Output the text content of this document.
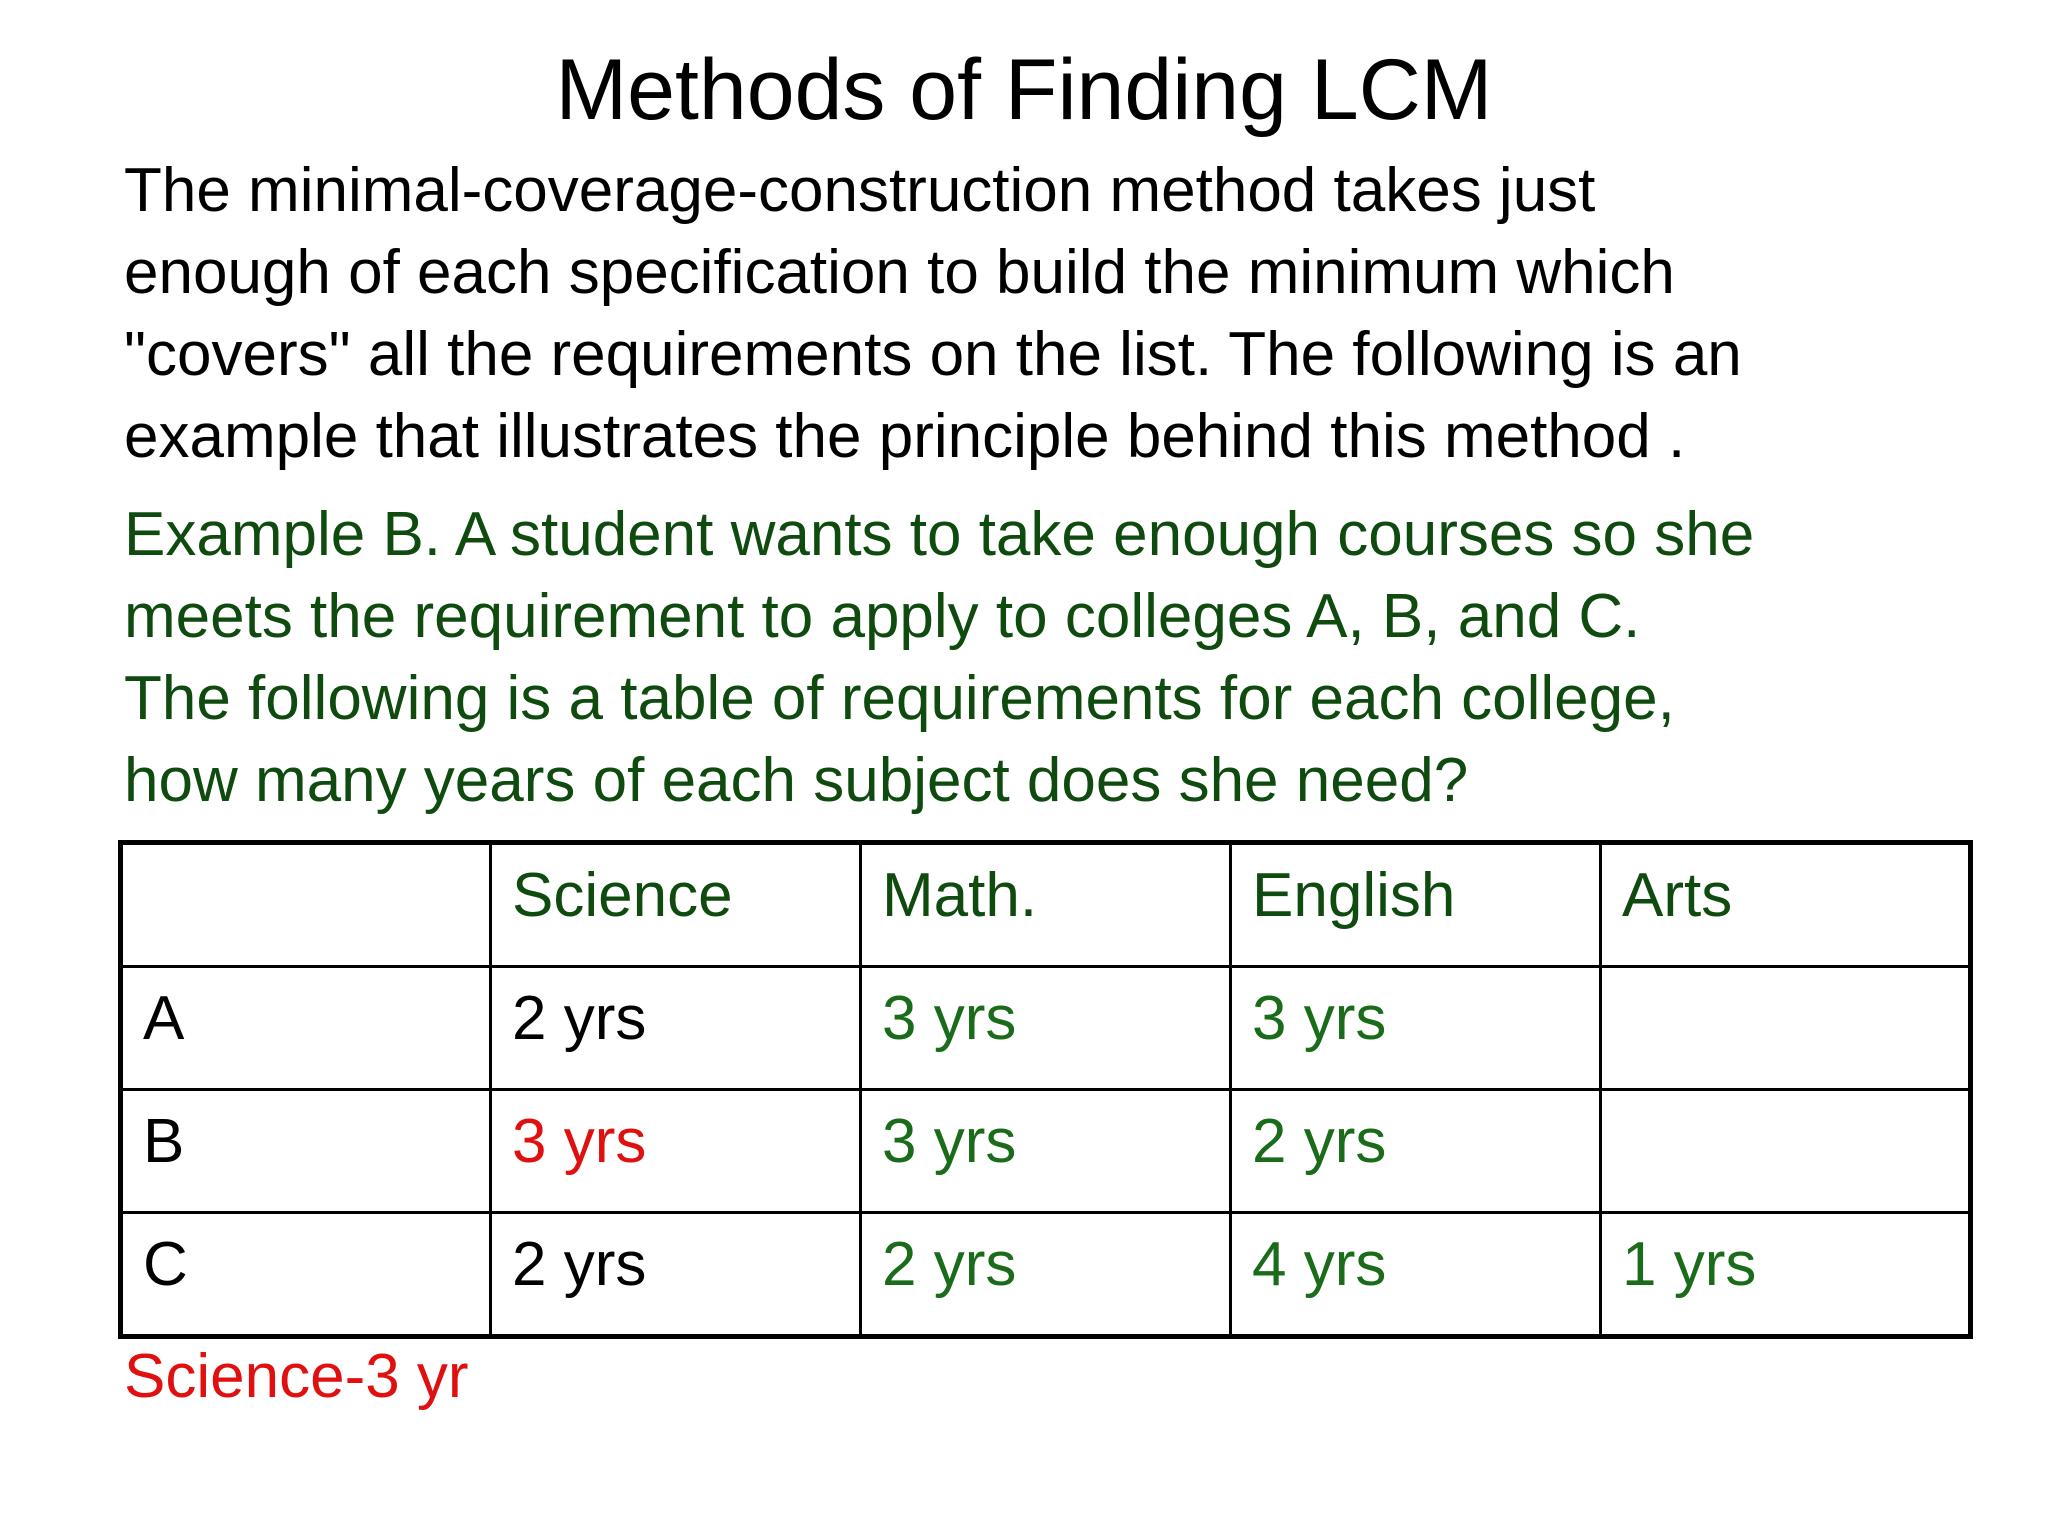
Methods of Finding LCM
The minimal-coverage-construction method takes just
enough of each specification to build the minimum which
"covers" all the requirements on the list. The following is an
example that illustrates the principle behind this method .
Example B. A student wants to take enough courses so she
meets the requirement to apply to colleges A, B, and C.
The following is a table of requirements for each college,
how many years of each subject does she need?
	Science	Math.	English	Arts
A	2 yrs	3 yrs	3 yrs	
B	3 yrs	3 yrs	2 yrs	
C	2 yrs	2 yrs	4 yrs	1 yrs
Science-3 yr
